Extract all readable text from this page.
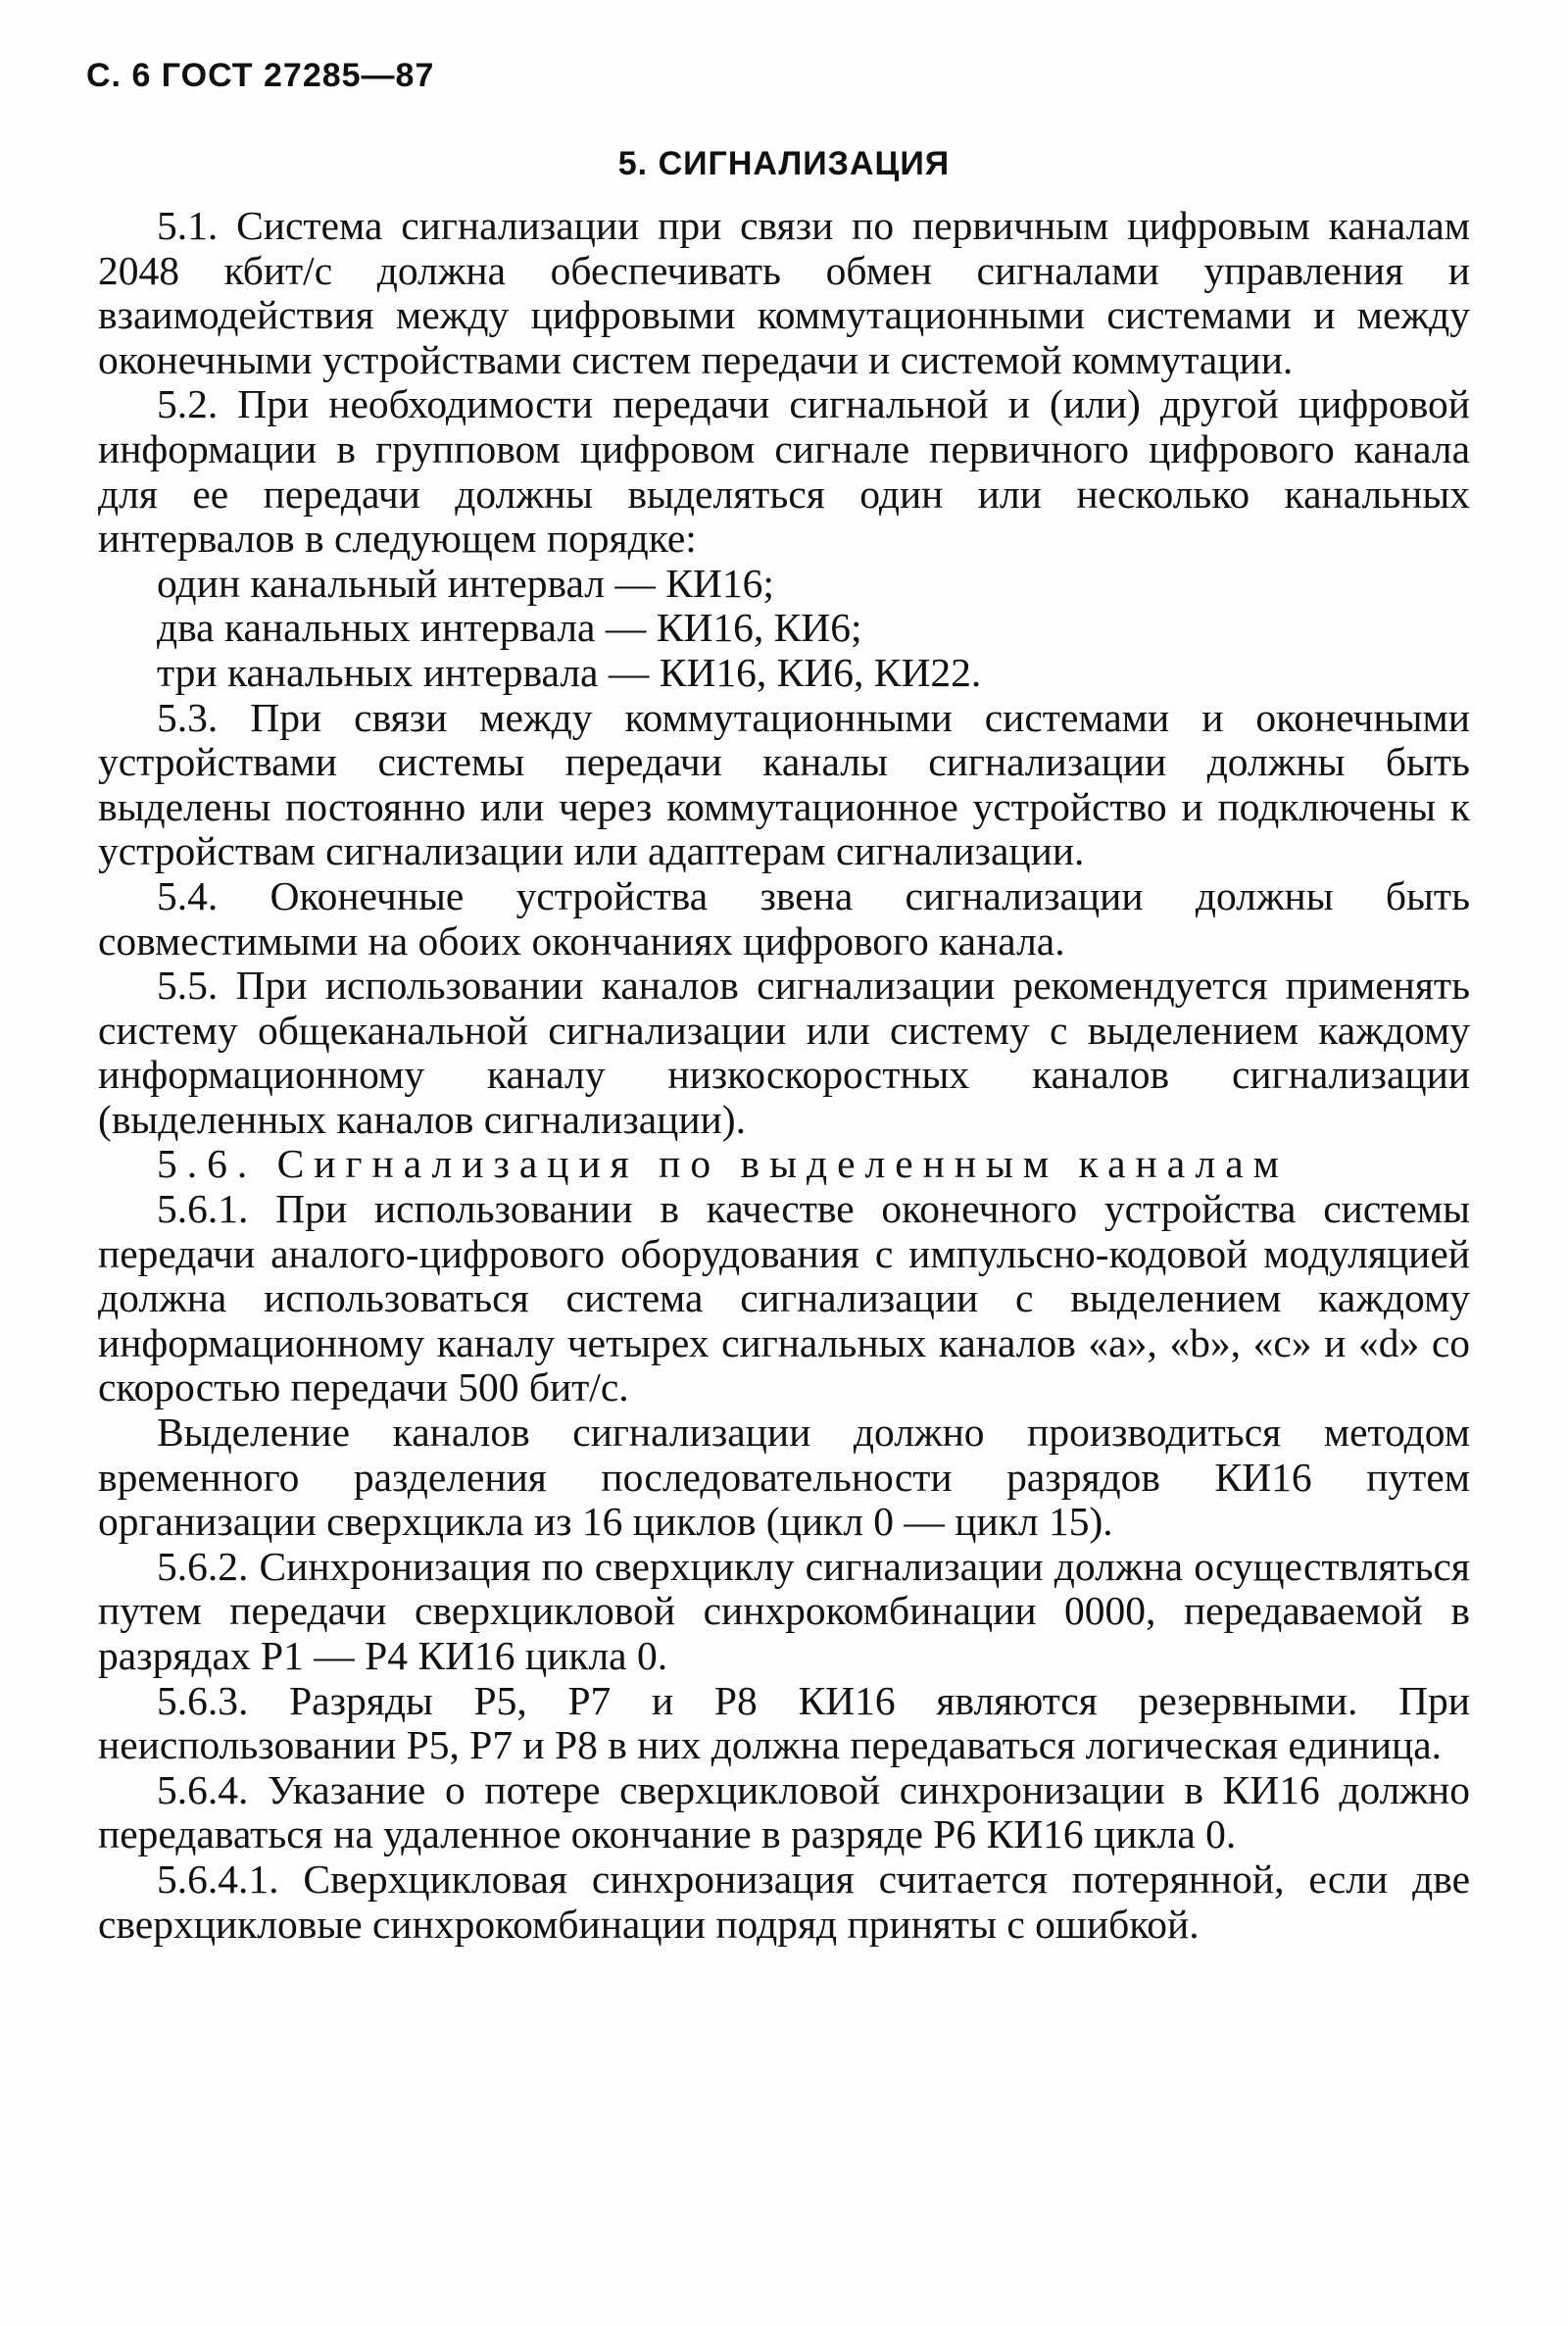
С. 6 ГОСТ 27285—87
5. СИГНАЛИЗАЦИЯ

5.1. Система сигнализации при связи по первичным цифровым каналам 2048 кбит/с должна обеспечивать обмен сигналами управления и взаимодействия между цифровыми коммутационными системами и между оконечными устройствами систем передачи и системой коммутации.

5.2. При необходимости передачи сигнальной и (или) другой цифровой информации в групповом цифровом сигнале первичного цифрового канала для ее передачи должны выделяться один или несколько канальных интервалов в следующем порядке:

один канальный интервал — КИ16;

два канальных интервала — КИ16, КИ6;

три канальных интервала — КИ16, КИ6, КИ22.

5.3. При связи между коммутационными системами и оконечными устройствами системы передачи каналы сигнализации должны быть выделены постоянно или через коммутационное устройство и подключены к устройствам сигнализации или адаптерам сигнализации.

5.4. Оконечные устройства звена сигнализации должны быть совместимыми на обоих окончаниях цифрового канала.

5.5. При использовании каналов сигнализации рекомендуется применять систему общеканальной сигнализации или систему с выделением каждому информационному каналу низкоскоростных каналов сигнализации (выделенных каналов сигнализации).

5.6. Сигнализация по выделенным каналам

5.6.1. При использовании в качестве оконечного устройства системы передачи аналого-цифрового оборудования с импульсно-кодовой модуляцией должна использоваться система сигнализации с выделением каждому информационному каналу четырех сигнальных каналов «a», «b», «c» и «d» со скоростью передачи 500 бит/с.

Выделение каналов сигнализации должно производиться методом временного разделения последовательности разрядов КИ16 путем организации сверхцикла из 16 циклов (цикл 0 — цикл 15).

5.6.2. Синхронизация по сверхциклу сигнализации должна осуществляться путем передачи сверхцикловой синхрокомбинации 0000, передаваемой в разрядах Р1 — Р4 КИ16 цикла 0.

5.6.3. Разряды Р5, Р7 и Р8 КИ16 являются резервными. При неиспользовании Р5, Р7 и Р8 в них должна передаваться логическая единица.

5.6.4. Указание о потере сверхцикловой синхронизации в КИ16 должно передаваться на удаленное окончание в разряде Р6 КИ16 цикла 0.

5.6.4.1. Сверхцикловая синхронизация считается потерянной, если две сверхцикловые синхрокомбинации подряд приняты с ошибкой.
